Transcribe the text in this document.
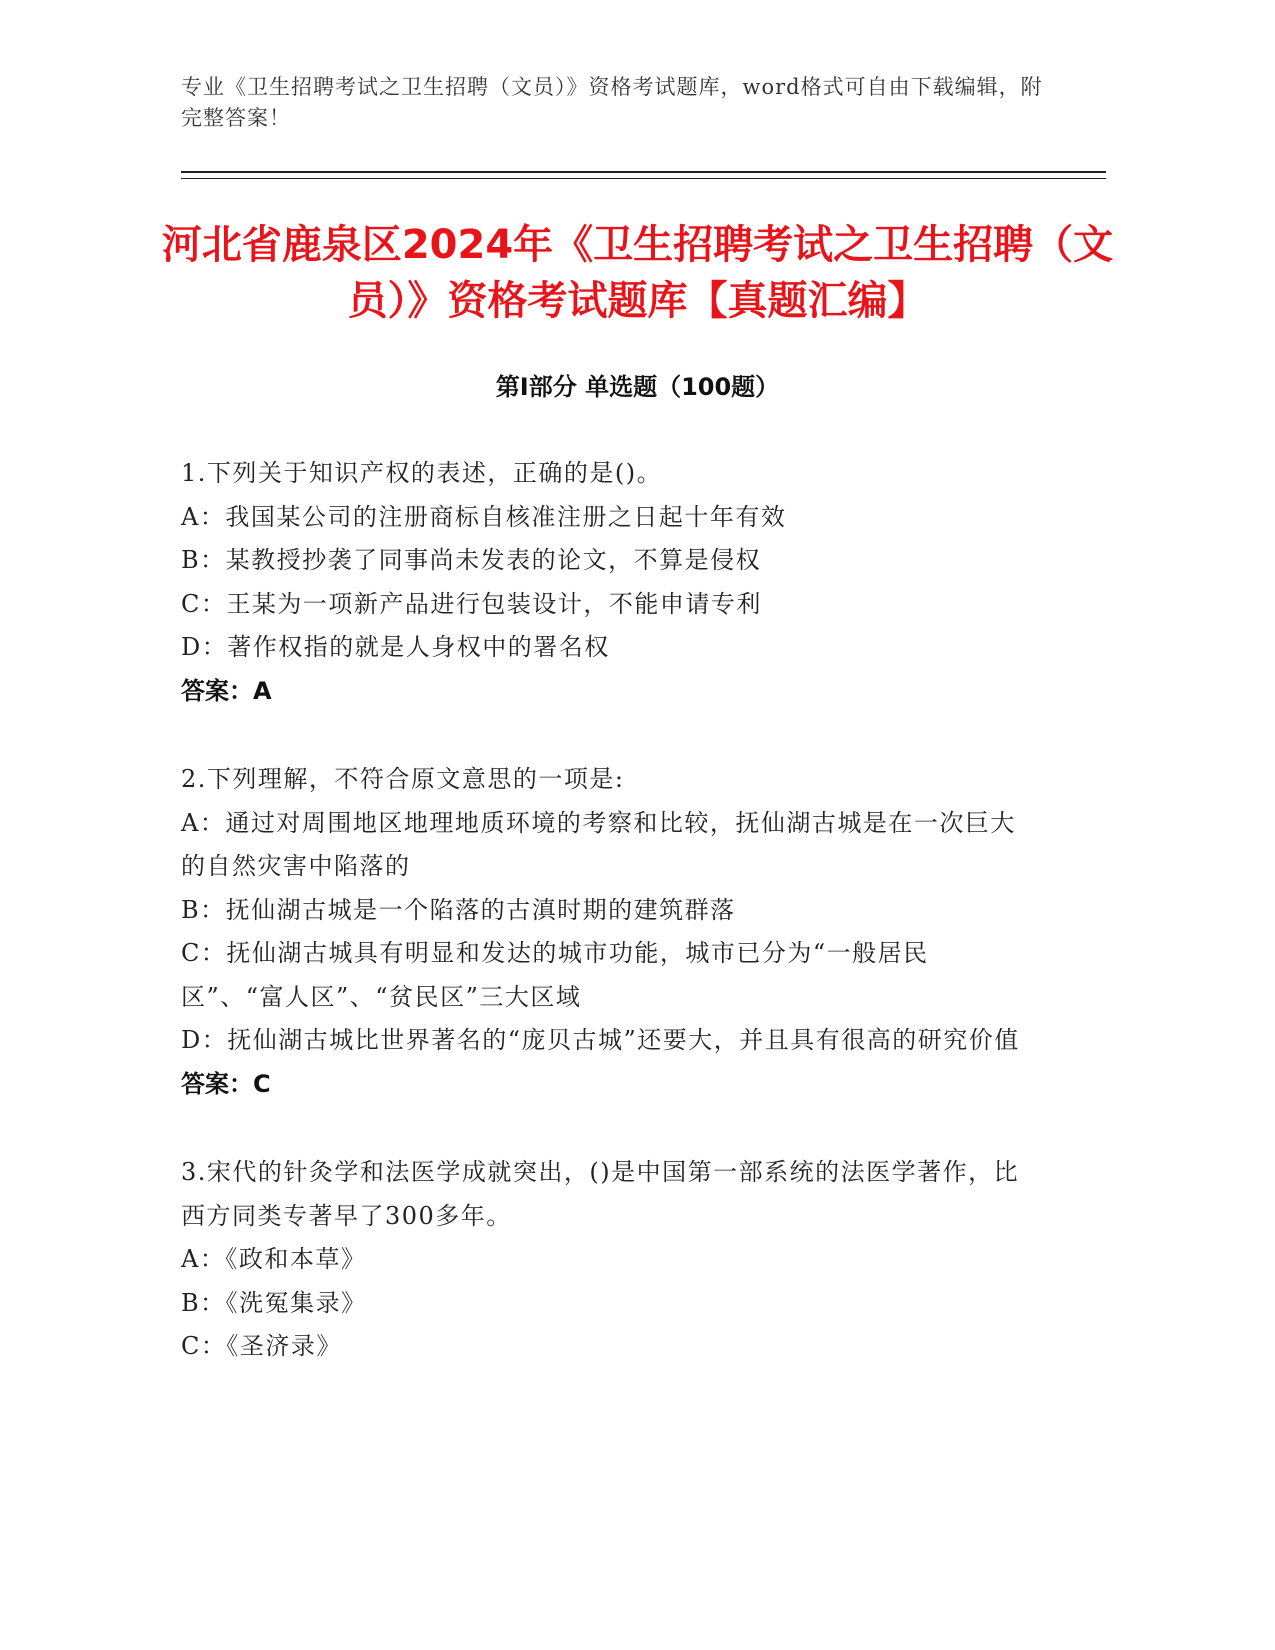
专业《卫生招聘考试之卫生招聘（文员）》资格考试题库，word格式可自由下载编辑，附完整答案！
河北省鹿泉区2024年《卫生招聘考试之卫生招聘（文员）》资格考试题库【真题汇编】
第Ⅰ部分 单选题（100题）
1.下列关于知识产权的表述，正确的是()。
A：我国某公司的注册商标自核准注册之日起十年有效
B：某教授抄袭了同事尚未发表的论文，不算是侵权
C：王某为一项新产品进行包装设计，不能申请专利
D：著作权指的就是人身权中的署名权
答案：A
2.下列理解，不符合原文意思的一项是:
A：通过对周围地区地理地质环境的考察和比较，抚仙湖古城是在一次巨大的自然灾害中陷落的
B：抚仙湖古城是一个陷落的古滇时期的建筑群落
C：抚仙湖古城具有明显和发达的城市功能，城市已分为“一般居民区”、“富人区”、“贫民区”三大区域
D：抚仙湖古城比世界著名的“庞贝古城”还要大，并且具有很高的研究价值
答案：C
3.宋代的针灸学和法医学成就突出，()是中国第一部系统的法医学著作，比西方同类专著早了300多年。
A：《政和本草》
B：《洗冤集录》
C：《圣济录》
